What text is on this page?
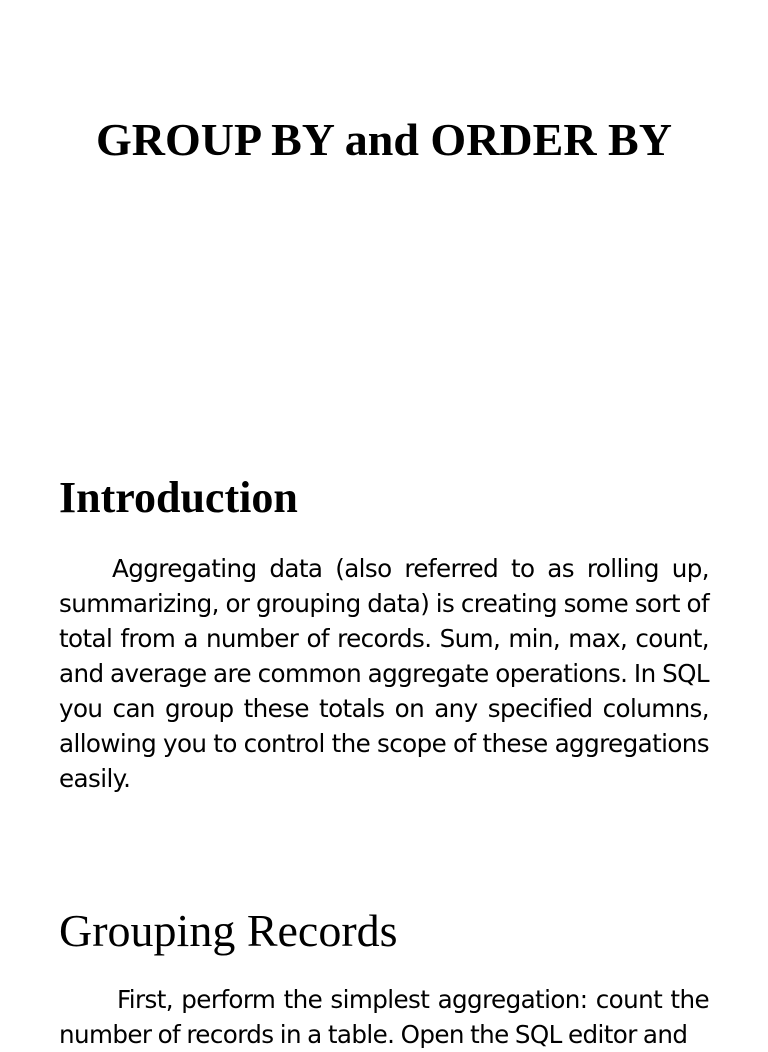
GROUP BY and ORDER BY
Introduction

Aggregating data (also referred to as rolling up, summarizing, or grouping data) is creating some sort of total from a number of records. Sum, min, max, count, and average are common aggregate operations. In SQL you can group these totals on any specified columns, allowing you to control the scope of these aggregations easily.

Grouping Records

First, perform the simplest aggregation: count the number of records in a table. Open the SQL editor and
